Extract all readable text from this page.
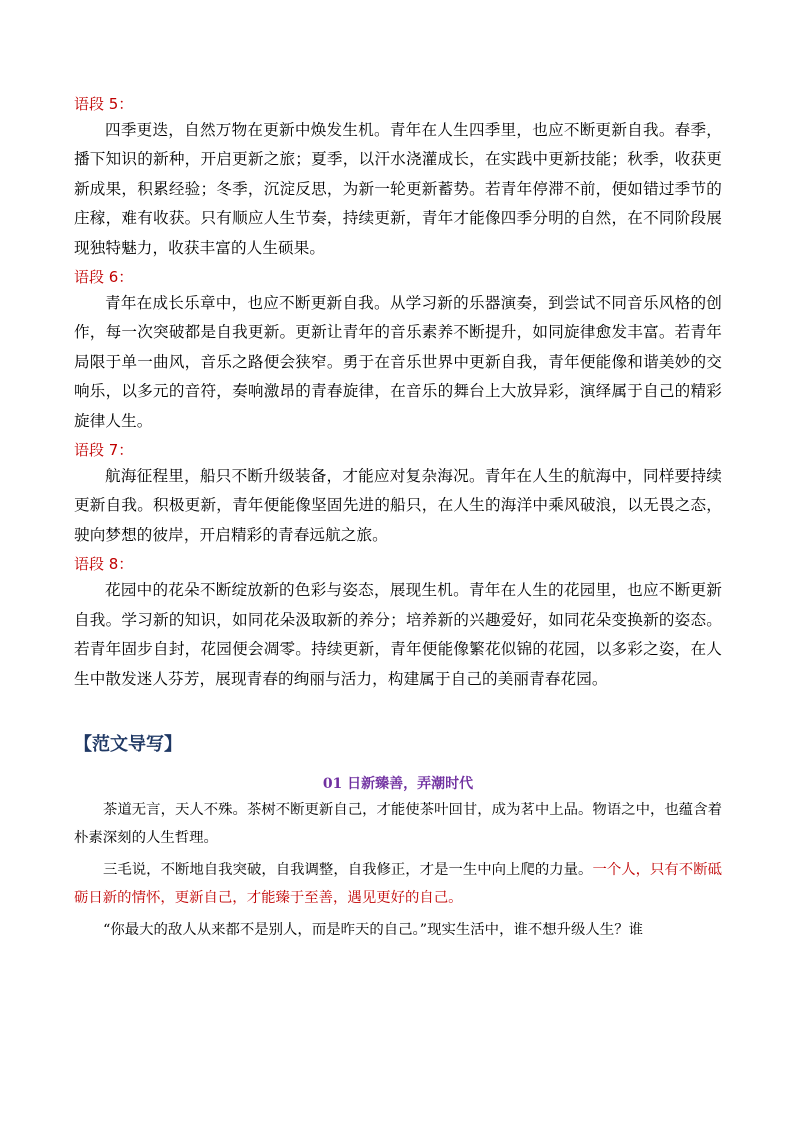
语段 5：

四季更迭，自然万物在更新中焕发生机。青年在人生四季里，也应不断更新自我。春季，播下知识的新种，开启更新之旅；夏季，以汗水浇灌成长，在实践中更新技能；秋季，收获更新成果，积累经验；冬季，沉淀反思，为新一轮更新蓄势。若青年停滞不前，便如错过季节的庄稼，难有收获。只有顺应人生节奏，持续更新，青年才能像四季分明的自然，在不同阶段展现独特魅力，收获丰富的人生硕果。

语段 6：

青年在成长乐章中，也应不断更新自我。从学习新的乐器演奏，到尝试不同音乐风格的创作，每一次突破都是自我更新。更新让青年的音乐素养不断提升，如同旋律愈发丰富。若青年局限于单一曲风，音乐之路便会狭窄。勇于在音乐世界中更新自我，青年便能像和谐美妙的交响乐，以多元的音符，奏响激昂的青春旋律，在音乐的舞台上大放异彩，演绎属于自己的精彩旋律人生。

语段 7：

航海征程里，船只不断升级装备，才能应对复杂海况。青年在人生的航海中，同样要持续更新自我。积极更新，青年便能像坚固先进的船只，在人生的海洋中乘风破浪，以无畏之态，驶向梦想的彼岸，开启精彩的青春远航之旅。

语段 8：

花园中的花朵不断绽放新的色彩与姿态，展现生机。青年在人生的花园里，也应不断更新自我。学习新的知识，如同花朵汲取新的养分；培养新的兴趣爱好，如同花朵变换新的姿态。若青年固步自封，花园便会凋零。持续更新，青年便能像繁花似锦的花园，以多彩之姿，在人生中散发迷人芬芳，展现青春的绚丽与活力，构建属于自己的美丽青春花园。

【范文导写】
01 日新臻善，弄潮时代

茶道无言，天人不殊。茶树不断更新自己，才能使茶叶回甘，成为茗中上品。物语之中，也蕴含着朴素深刻的人生哲理。

三毛说，不断地自我突破，自我调整，自我修正，才是一生中向上爬的力量。一个人，只有不断砥砺日新的情怀，更新自己，才能臻于至善，遇见更好的自己。

“你最大的敌人从来都不是别人，而是昨天的自己。”现实生活中，谁不想升级人生？谁
